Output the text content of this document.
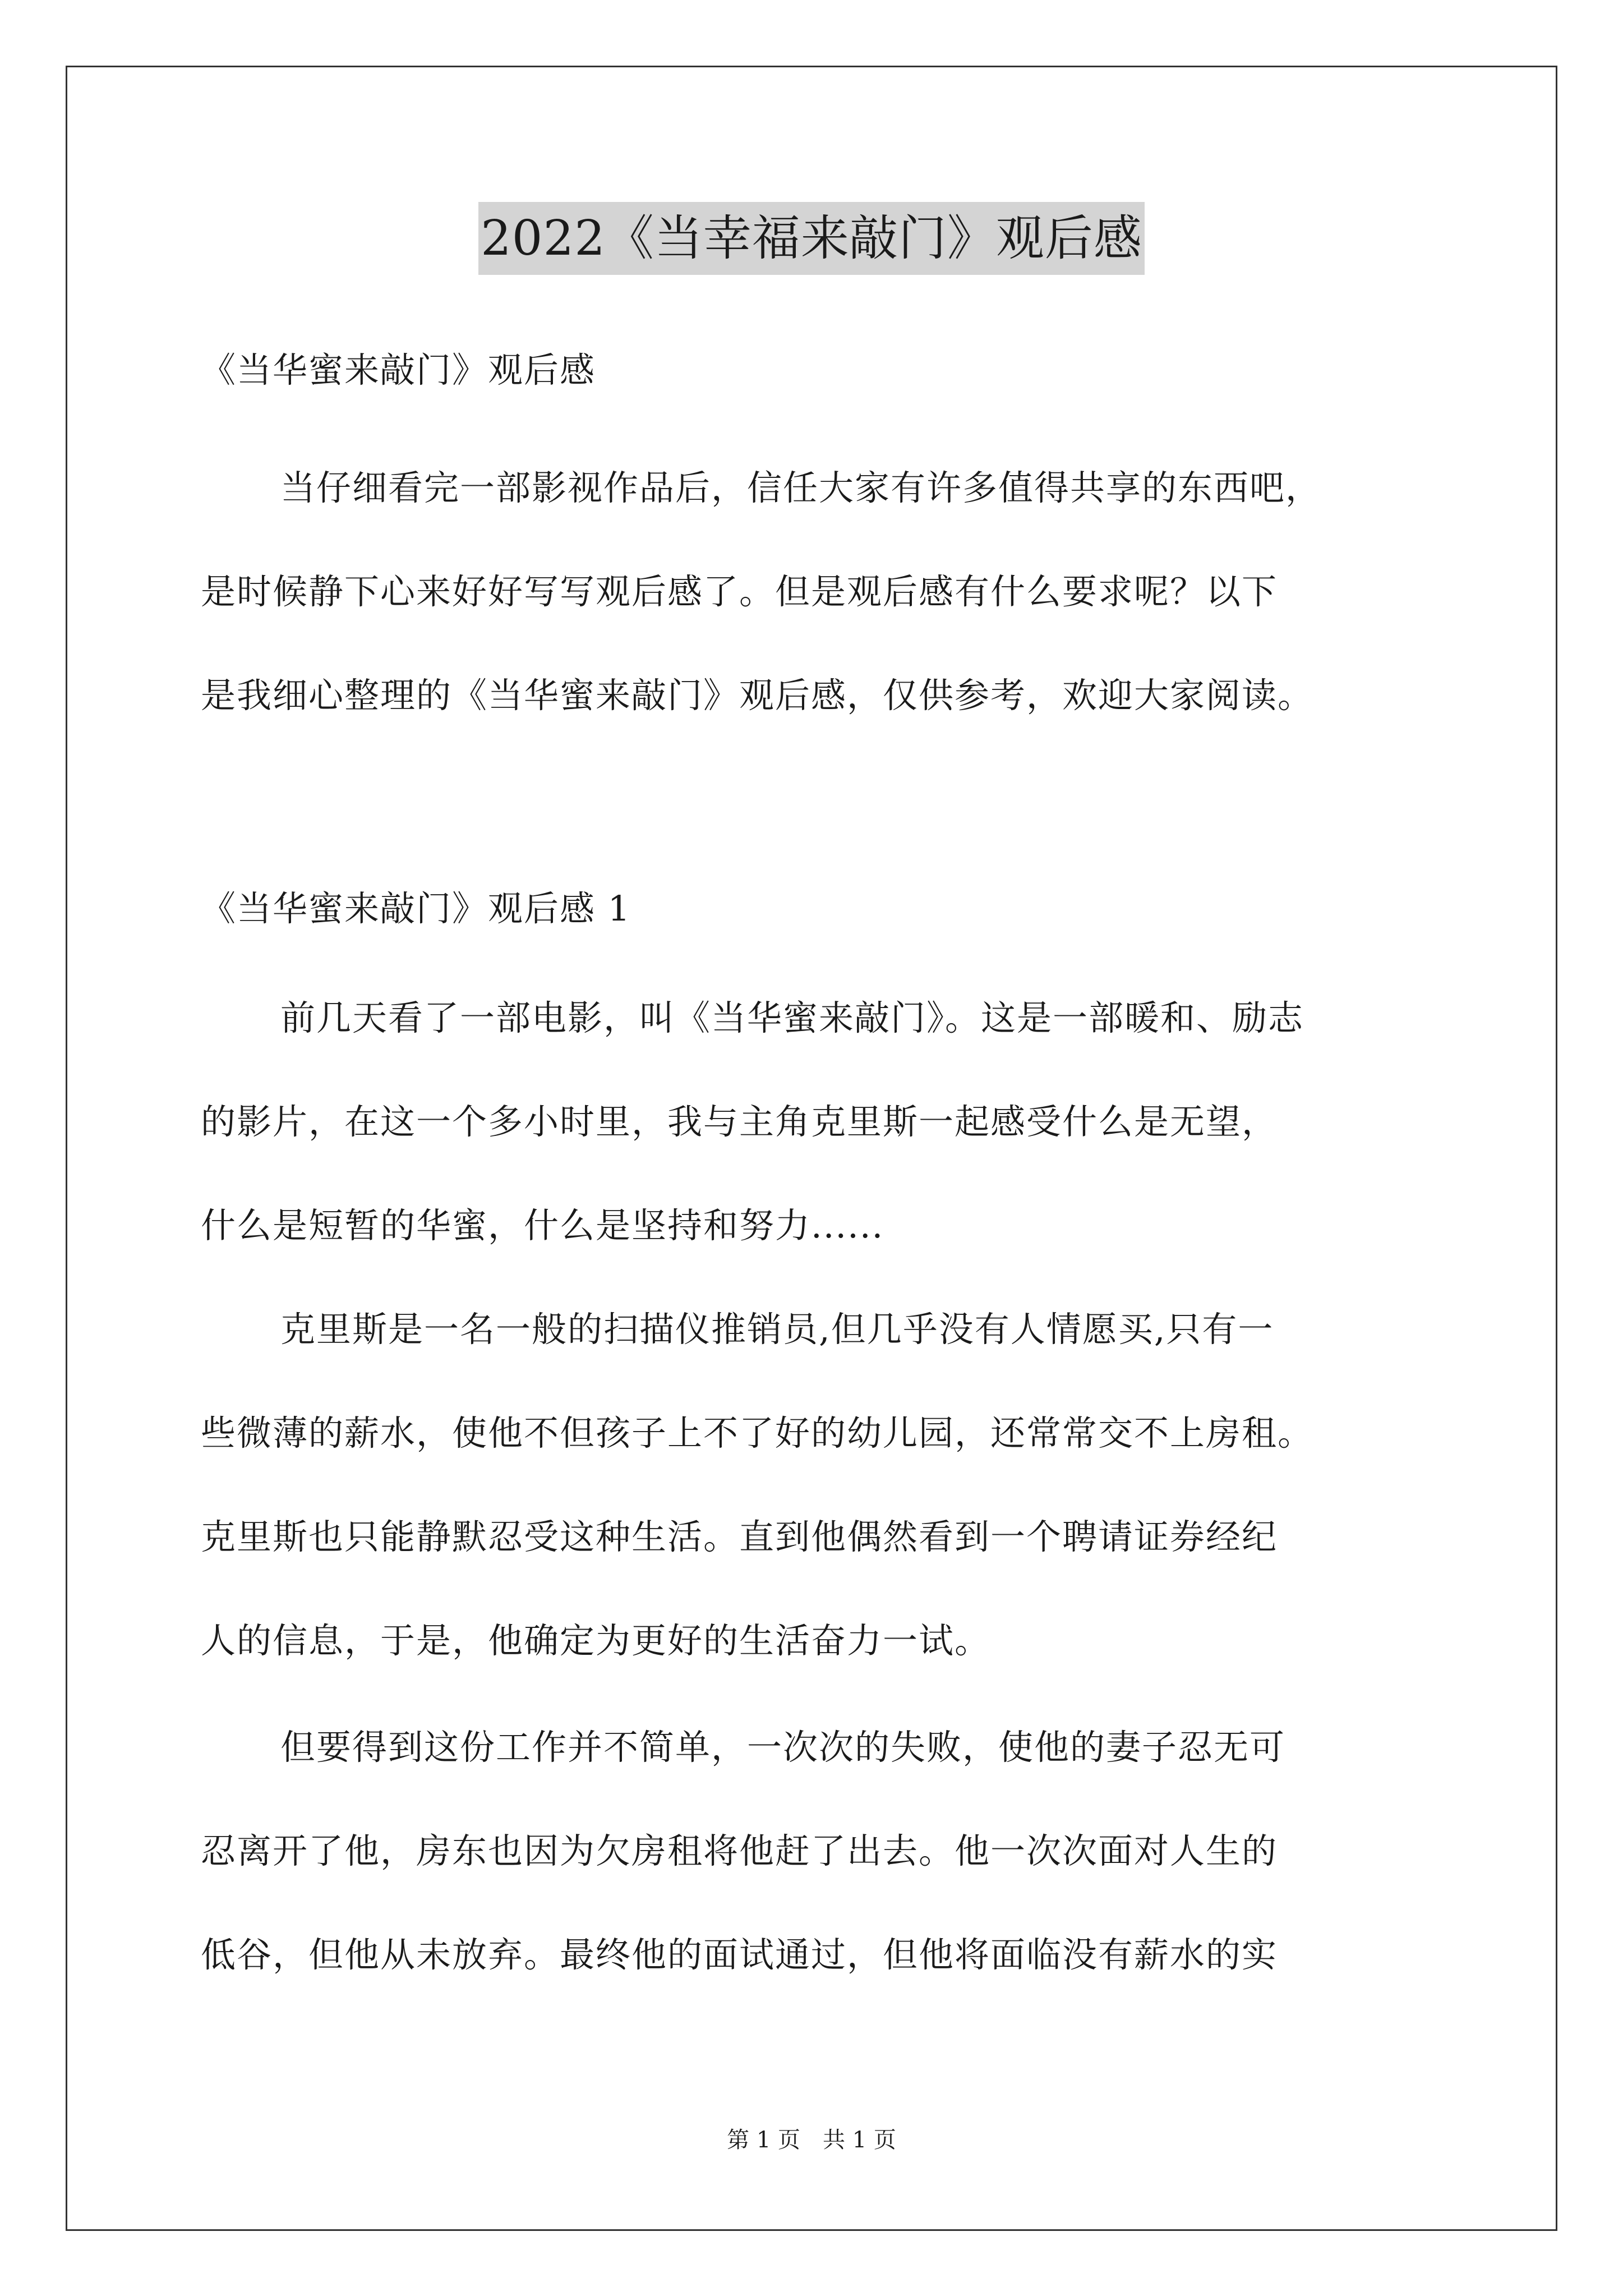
2022《当幸福来敲门》观后感
《当华蜜来敲门》观后感
当仔细看完一部影视作品后，信任大家有许多值得共享的东西吧，
是时候静下心来好好写写观后感了。但是观后感有什么要求呢？以下
是我细心整理的《当华蜜来敲门》观后感，仅供参考，欢迎大家阅读。
《当华蜜来敲门》观后感 1
前几天看了一部电影，叫《当华蜜来敲门》。这是一部暖和、励志
的影片，在这一个多小时里，我与主角克里斯一起感受什么是无望，
什么是短暂的华蜜，什么是坚持和努力......
克里斯是一名一般的扫描仪推销员,但几乎没有人情愿买,只有一
些微薄的薪水，使他不但孩子上不了好的幼儿园，还常常交不上房租。
克里斯也只能静默忍受这种生活。直到他偶然看到一个聘请证券经纪
人的信息，于是，他确定为更好的生活奋力一试。
但要得到这份工作并不简单，一次次的失败，使他的妻子忍无可
忍离开了他，房东也因为欠房租将他赶了出去。他一次次面对人生的
低谷，但他从未放弃。最终他的面试通过，但他将面临没有薪水的实
第 1 页　共 1 页
